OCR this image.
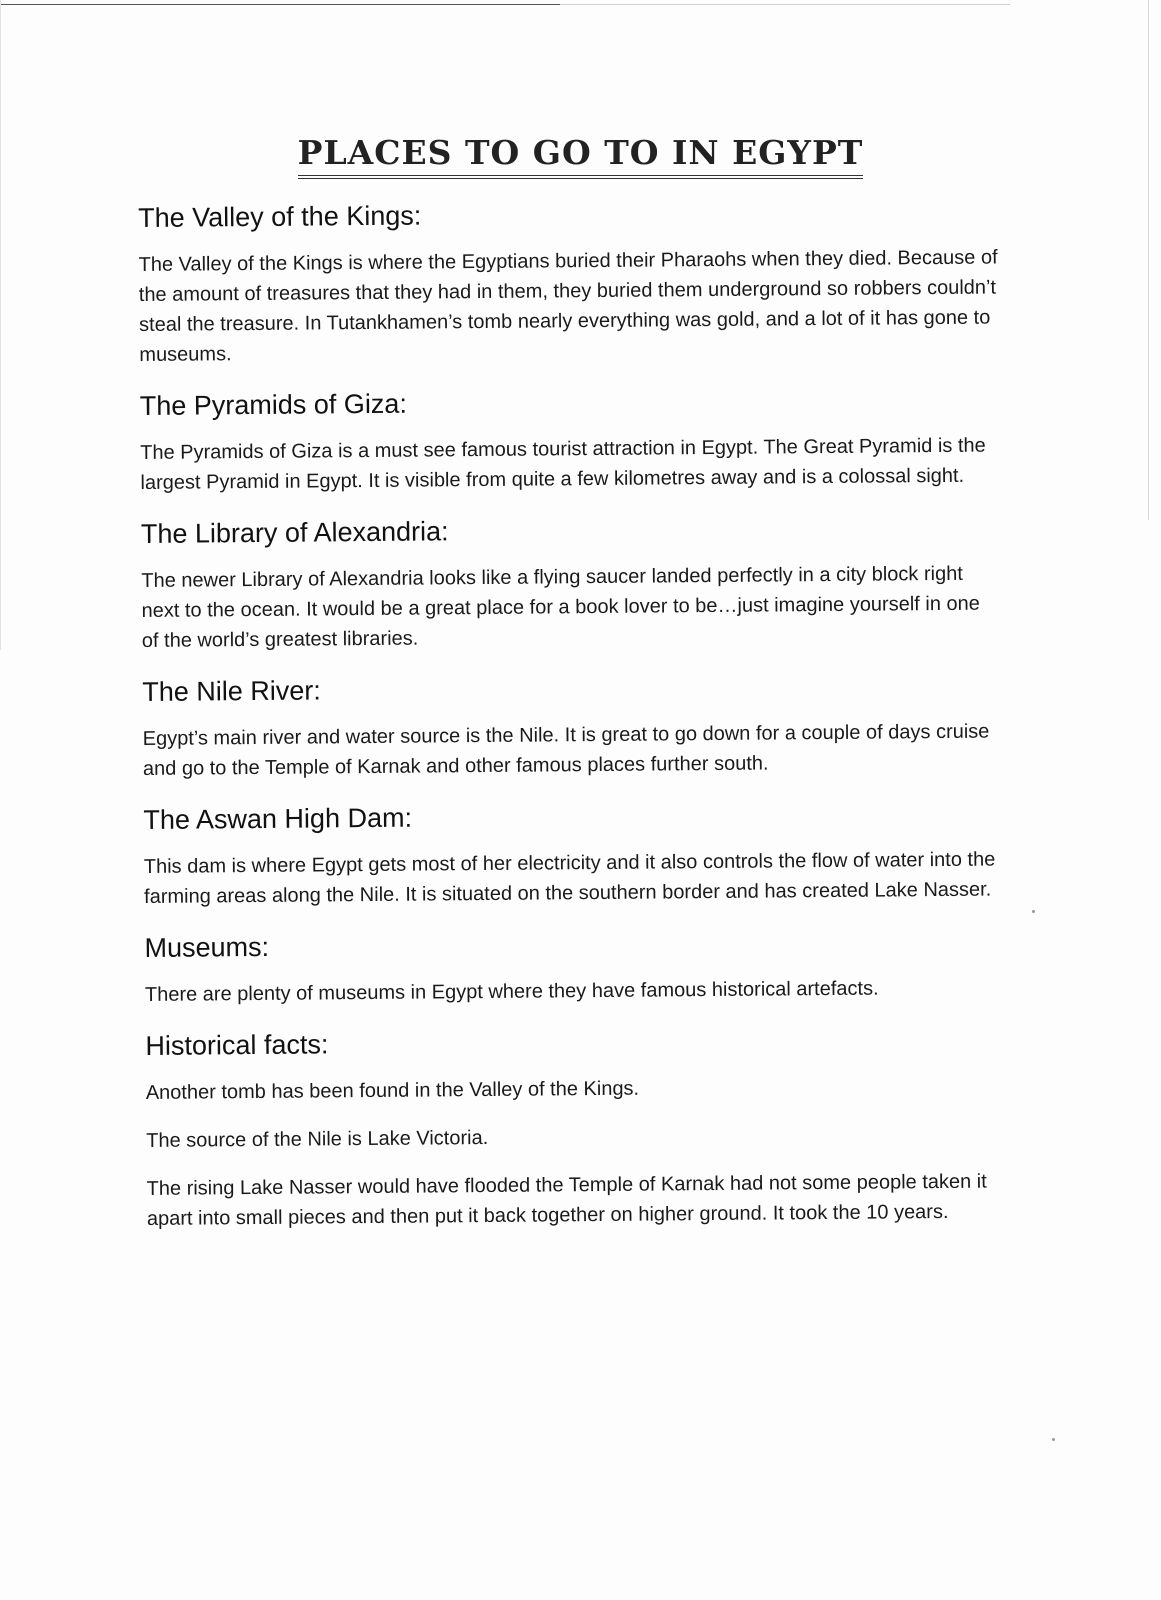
PLACES TO GO TO IN EGYPT
The Valley of the Kings:

The Valley of the Kings is where the Egyptians buried their Pharaohs when they died. Because of the amount of treasures that they had in them, they buried them underground so robbers couldn’t steal the treasure. In Tutankhamen’s tomb nearly everything was gold, and a lot of it has gone to museums.

The Pyramids of Giza:

The Pyramids of Giza is a must see famous tourist attraction in Egypt. The Great Pyramid is the largest Pyramid in Egypt. It is visible from quite a few kilometres away and is a colossal sight.

The Library of Alexandria:

The newer Library of Alexandria looks like a flying saucer landed perfectly in a city block right next to the ocean. It would be a great place for a book lover to be…just imagine yourself in one of the world’s greatest libraries.

The Nile River:

Egypt’s main river and water source is the Nile. It is great to go down for a couple of days cruise and go to the Temple of Karnak and other famous places further south.

The Aswan High Dam:

This dam is where Egypt gets most of her electricity and it also controls the flow of water into the farming areas along the Nile. It is situated on the southern border and has created Lake Nasser.

Museums:

There are plenty of museums in Egypt where they have famous historical artefacts.

Historical facts:

Another tomb has been found in the Valley of the Kings.

The source of the Nile is Lake Victoria.

The rising Lake Nasser would have flooded the Temple of Karnak had not some people taken it apart into small pieces and then put it back together on higher ground. It took the 10 years.
